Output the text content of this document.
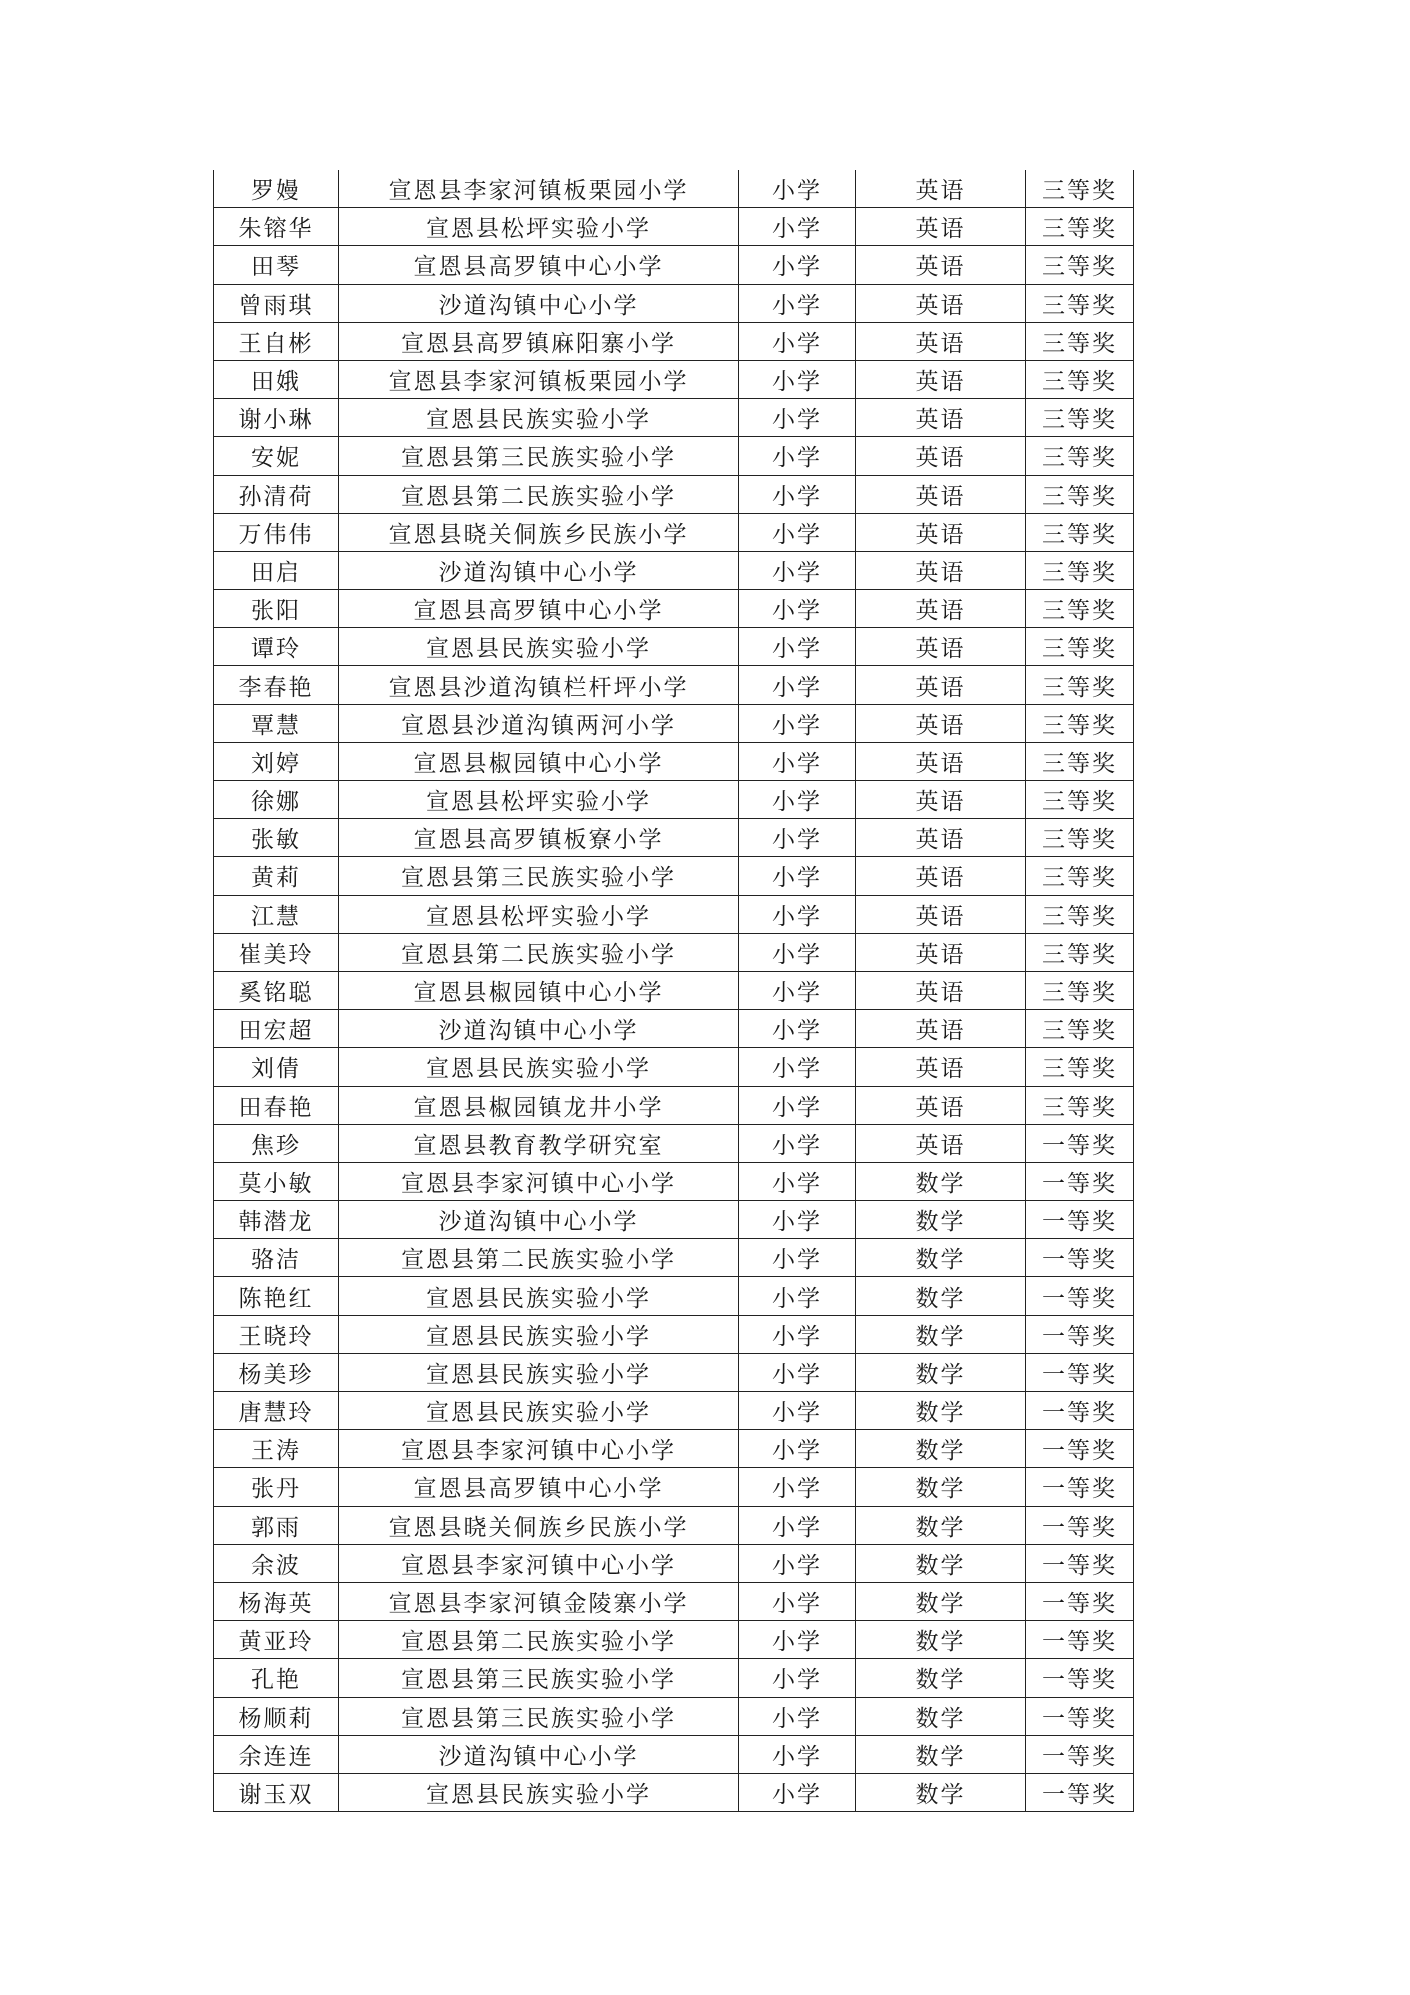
罗嫚	宣恩县李家河镇板栗园小学	小学	英语	三等奖
朱镕华	宣恩县松坪实验小学	小学	英语	三等奖
田琴	宣恩县高罗镇中心小学	小学	英语	三等奖
曾雨琪	沙道沟镇中心小学	小学	英语	三等奖
王自彬	宣恩县高罗镇麻阳寨小学	小学	英语	三等奖
田娥	宣恩县李家河镇板栗园小学	小学	英语	三等奖
谢小琳	宣恩县民族实验小学	小学	英语	三等奖
安妮	宣恩县第三民族实验小学	小学	英语	三等奖
孙清荷	宣恩县第二民族实验小学	小学	英语	三等奖
万伟伟	宣恩县晓关侗族乡民族小学	小学	英语	三等奖
田启	沙道沟镇中心小学	小学	英语	三等奖
张阳	宣恩县高罗镇中心小学	小学	英语	三等奖
谭玲	宣恩县民族实验小学	小学	英语	三等奖
李春艳	宣恩县沙道沟镇栏杆坪小学	小学	英语	三等奖
覃慧	宣恩县沙道沟镇两河小学	小学	英语	三等奖
刘婷	宣恩县椒园镇中心小学	小学	英语	三等奖
徐娜	宣恩县松坪实验小学	小学	英语	三等奖
张敏	宣恩县高罗镇板寮小学	小学	英语	三等奖
黄莉	宣恩县第三民族实验小学	小学	英语	三等奖
江慧	宣恩县松坪实验小学	小学	英语	三等奖
崔美玲	宣恩县第二民族实验小学	小学	英语	三等奖
奚铭聪	宣恩县椒园镇中心小学	小学	英语	三等奖
田宏超	沙道沟镇中心小学	小学	英语	三等奖
刘倩	宣恩县民族实验小学	小学	英语	三等奖
田春艳	宣恩县椒园镇龙井小学	小学	英语	三等奖
焦珍	宣恩县教育教学研究室	小学	英语	一等奖
莫小敏	宣恩县李家河镇中心小学	小学	数学	一等奖
韩潜龙	沙道沟镇中心小学	小学	数学	一等奖
骆洁	宣恩县第二民族实验小学	小学	数学	一等奖
陈艳红	宣恩县民族实验小学	小学	数学	一等奖
王晓玲	宣恩县民族实验小学	小学	数学	一等奖
杨美珍	宣恩县民族实验小学	小学	数学	一等奖
唐慧玲	宣恩县民族实验小学	小学	数学	一等奖
王涛	宣恩县李家河镇中心小学	小学	数学	一等奖
张丹	宣恩县高罗镇中心小学	小学	数学	一等奖
郭雨	宣恩县晓关侗族乡民族小学	小学	数学	一等奖
余波	宣恩县李家河镇中心小学	小学	数学	一等奖
杨海英	宣恩县李家河镇金陵寨小学	小学	数学	一等奖
黄亚玲	宣恩县第二民族实验小学	小学	数学	一等奖
孔艳	宣恩县第三民族实验小学	小学	数学	一等奖
杨顺莉	宣恩县第三民族实验小学	小学	数学	一等奖
余连连	沙道沟镇中心小学	小学	数学	一等奖
谢玉双	宣恩县民族实验小学	小学	数学	一等奖
